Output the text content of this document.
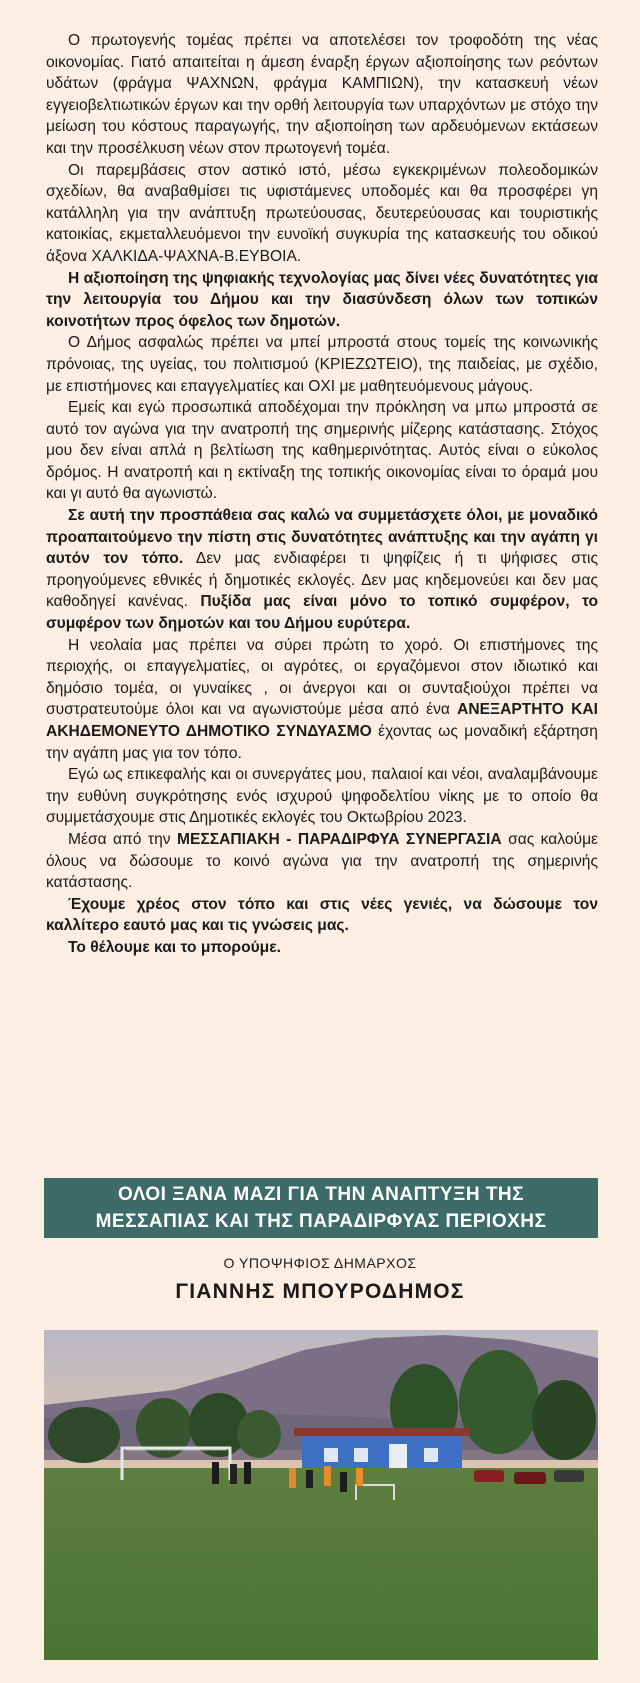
Ο πρωτογενής τομέας πρέπει να αποτελέσει τον τροφοδότη της νέας οικονομίας. Γιατό απαιτείται η άμεση έναρξη έργων αξιοποίησης των ρεόντων υδάτων (φράγμα ΨΑΧΝΩΝ, φράγμα ΚΑΜΠΙΩΝ), την κατασκευή νέων εγγειοβελτιωτικών έργων και την ορθή λειτουργία των υπαρχόντων με στόχο την μείωση του κόστους παραγωγής, την αξιοποίηση των αρδευόμενων εκτάσεων και την προσέλκυση νέων στον πρωτογενή τομέα.

Οι παρεμβάσεις στον αστικό ιστό, μέσω εγκεκριμένων πολεοδομικών σχεδίων, θα αναβαθμίσει τις υφιστάμενες υποδομές και θα προσφέρει γη κατάλληλη για την ανάπτυξη πρωτεύουσας, δευτερεύουσας και τουριστικής κατοικίας, εκμεταλλευόμενοι την ευνοϊκή συγκυρία της κατασκευής του οδικού άξονα ΧΑΛΚΙΔΑ-ΨΑΧΝΑ-Β.ΕΥΒΟΙΑ.

Η αξιοποίηση της ψηφιακής τεχνολογίας μας δίνει νέες δυνατότητες για την λειτουργία του Δήμου και την διασύνδεση όλων των τοπικών κοινοτήτων προς όφελος των δημοτών.

Ο Δήμος ασφαλώς πρέπει να μπεί μπροστά στους τομείς της κοινωνικής πρόνοιας, της υγείας, του πολιτισμού (ΚΡΙΕΖΩΤΕΙΟ), της παιδείας, με σχέδιο, με επιστήμονες και επαγγελματίες και ΟΧΙ με μαθητευόμενους μάγους.

Εμείς και εγώ προσωπικά αποδέχομαι την πρόκληση να μπω μπροστά σε αυτό τον αγώνα για την ανατροπή της σημερινής μίζερης κατάστασης. Στόχος μου δεν είναι απλά η βελτίωση της καθημερινότητας. Αυτός είναι ο εύκολος δρόμος. Η ανατροπή και η εκτίναξη της τοπικής οικονομίας είναι το όραμά μου και γι αυτό θα αγωνιστώ.

Σε αυτή την προσπάθεια σας καλώ να συμμετάσχετε όλοι, με μοναδικό προαπαιτούμενο την πίστη στις δυνατότητες ανάπτυξης και την αγάπη γι αυτόν τον τόπο. Δεν μας ενδιαφέρει τι ψηφίζεις ή τι ψήφισες στις προηγούμενες εθνικές ή δημοτικές εκλογές. Δεν μας κηδεμονεύει και δεν μας καθοδηγεί κανένας. Πυξίδα μας είναι μόνο το τοπικό συμφέρον, το συμφέρον των δημοτών και του Δήμου ευρύτερα.

Η νεολαία μας πρέπει να σύρει πρώτη το χορό. Οι επιστήμονες της περιοχής, οι επαγγελματίες, οι αγρότες, οι εργαζόμενοι στον ιδιωτικό και δημόσιο τομέα, οι γυναίκες , οι άνεργοι και οι συνταξιούχοι πρέπει να συστρατευτούμε όλοι και να αγωνιστούμε μέσα από ένα ΑΝΕΞΑΡΤΗΤΟ ΚΑΙ ΑΚΗΔΕΜΟΝΕΥΤΟ ΔΗΜΟΤΙΚΟ ΣΥΝΔΥΑΣΜΟ έχοντας ως μοναδική εξάρτηση την αγάπη μας για τον τόπο.

Εγώ ως επικεφαλής και οι συνεργάτες μου, παλαιοί και νέοι, αναλαμβάνουμε την ευθύνη συγκρότησης ενός ισχυρού ψηφοδελτίου νίκης με το οποίο θα συμμετάσχουμε στις Δημοτικές εκλογές του Οκτωβρίου 2023.

Μέσα από την ΜΕΣΣΑΠΙΑΚΗ - ΠΑΡΑΔΙΡΦΥΑ ΣΥΝΕΡΓΑΣΙΑ σας καλούμε όλους να δώσουμε το κοινό αγώνα για την ανατροπή της σημερινής κατάστασης.

Έχουμε χρέος στον τόπο και στις νέες γενιές, να δώσουμε τον καλλίτερο εαυτό μας και τις γνώσεις μας.

Το θέλουμε και το μπορούμε.

ΟΛΟΙ ΞΑΝΑ ΜΑΖΙ ΓΙΑ ΤΗΝ ΑΝΑΠΤΥΞΗ ΤΗΣ
ΜΕΣΣΑΠΙΑΣ ΚΑΙ ΤΗΣ ΠΑΡΑΔΙΡΦΥΑΣ ΠΕΡΙΟΧΗΣ
Ο ΥΠΟΨΗΦΙΟΣ ΔΗΜΑΡΧΟΣ
ΓΙΑΝΝΗΣ ΜΠΟΥΡΟΔΗΜΟΣ
